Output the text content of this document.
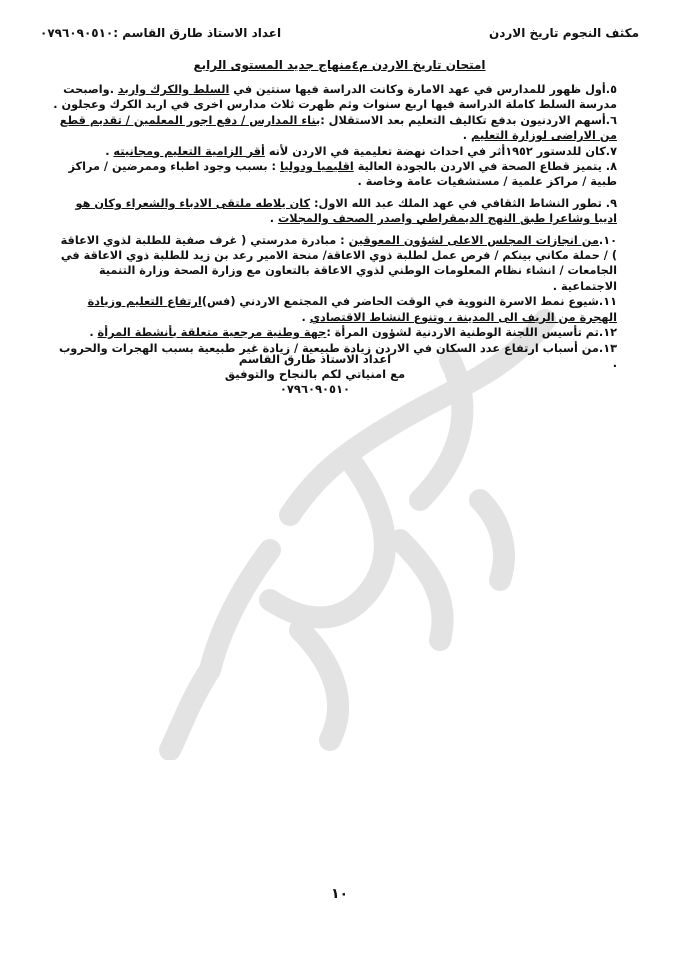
مكثف النجوم تاريخ الاردن
اعداد الاستاذ طارق القاسم :٠٧٩٦٠٩٠٥١٠
امتحان تاريخ الاردن م٤منهاج جديد المستوى الرابع

٥.أول ظهور للمدارس في عهد الامارة وكانت الدراسة فيها سنتين في السلط والكرك واربد .واصبحت مدرسة السلط كاملة الدراسة فيها اربع سنوات وثم ظهرت ثلاث مدارس اخرى في اربد الكرك وعجلون .

٦.أسهم الاردنيون بدفع تكاليف التعليم بعد الاستقلال :بناء المدارس / دفع اجور المعلمين / تقديم قطع من الاراضى لوزارة التعليم .

٧.كان للدستور ١٩٥٢أثر في احداث نهضة تعليمية في الاردن لأنه أقر الزامية التعليم ومجانيته .

٨. يتميز قطاع الصحة في الاردن بالجودة العالية اقليميا ودوليا : بسبب وجود اطباء وممرضين / مراكز طبية / مراكز علمية / مستشفيات عامة وخاصة .

٩. تطور النشاط الثقافي في عهد الملك عبد الله الاول: كان يلاطه ملتقى الادباء والشعراء وكان هو اديبا وشاعرا طبق النهج الديمقراطي واصدر الصحف والمجلات .

١٠.من انجازات المجلس الاعلى لشؤون المعوقين : مبادرة مدرستي ( غرف صفية للطلبة لذوي الاعاقة ) / حملة مكاني بينكم / فرص عمل لطلبة ذوي الاعاقة/ منحة الامير رعد بن زيد للطلبة ذوي الاعاقة في الجامعات / انشاء نظام المعلومات الوطني لذوي الاعاقة بالتعاون مع وزارة الصحة وزارة التنمية الاجتماعية .

١١.شيوع نمط الاسرة النووية في الوقت الحاضر في المجتمع الاردني (فس)ارتفاع التعليم وزيادة الهجرة من الريف الى المدينة ، وتنوع النشاط الاقتصادي .

١٢.تم تأسيس اللجنة الوطنية الاردنية لشؤون المرأة :جهة وطنية مرجعية متعلقة بأنشطة المرأة .

١٣.من أسباب ارتفاع عدد السكان في الاردن زيادة طبيعية / زيادة غير طبيعية بسبب الهجرات والحروب .

اعداد الاستاذ طارق القاسم
مع امنياتي لكم بالنجاح والتوفيق
٠٧٩٦٠٩٠٥١٠
١٠
